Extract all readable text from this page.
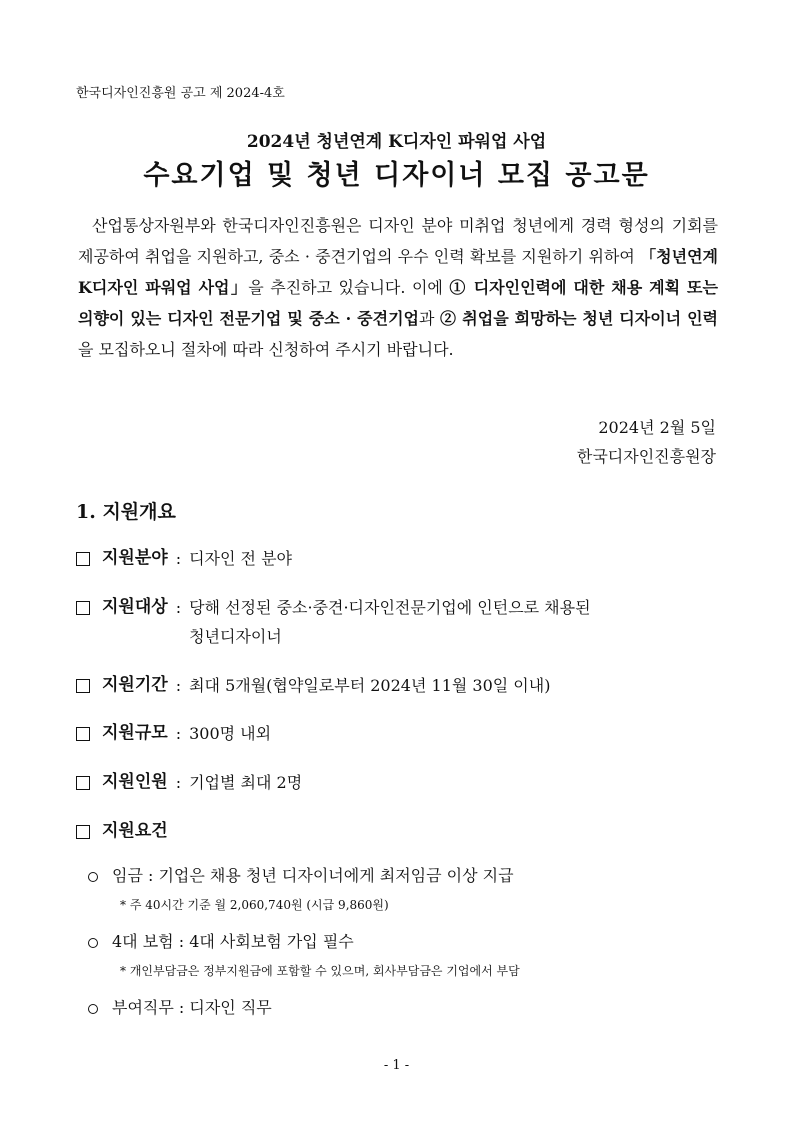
한국디자인진흥원 공고 제 2024-4호
2024년 청년연계 K디자인 파워업 사업
수요기업 및 청년 디자이너 모집 공고문
산업통상자원부와 한국디자인진흥원은 디자인 분야 미취업 청년에게 경력 형성의 기회를 제공하여 취업을 지원하고, 중소 · 중견기업의 우수 인력 확보를 지원하기 위하여 「청년연계 K디자인 파워업 사업」을 추진하고 있습니다. 이에 ① 디자인인력에 대한 채용 계획 또는 의향이 있는 디자인 전문기업 및 중소 · 중견기업과 ② 취업을 희망하는 청년 디자이너 인력을 모집하오니 절차에 따라 신청하여 주시기 바랍니다.
2024년 2월 5일
한국디자인진흥원장
1. 지원개요
지원분야 : 디자인 전 분야
지원대상 : 당해 선정된 중소·중견·디자인전문기업에 인턴으로 채용된
청년디자이너
지원기간 : 최대 5개월(협약일로부터 2024년 11월 30일 이내)
지원규모 : 300명 내외
지원인원 : 기업별 최대 2명
지원요건
임금 : 기업은 채용 청년 디자이너에게 최저임금 이상 지급
* 주 40시간 기준 월 2,060,740원 (시급 9,860원)
4대 보험 : 4대 사회보험 가입 필수
* 개인부담금은 정부지원금에 포함할 수 있으며, 회사부담금은 기업에서 부담
부여직무 : 디자인 직무
- 1 -
